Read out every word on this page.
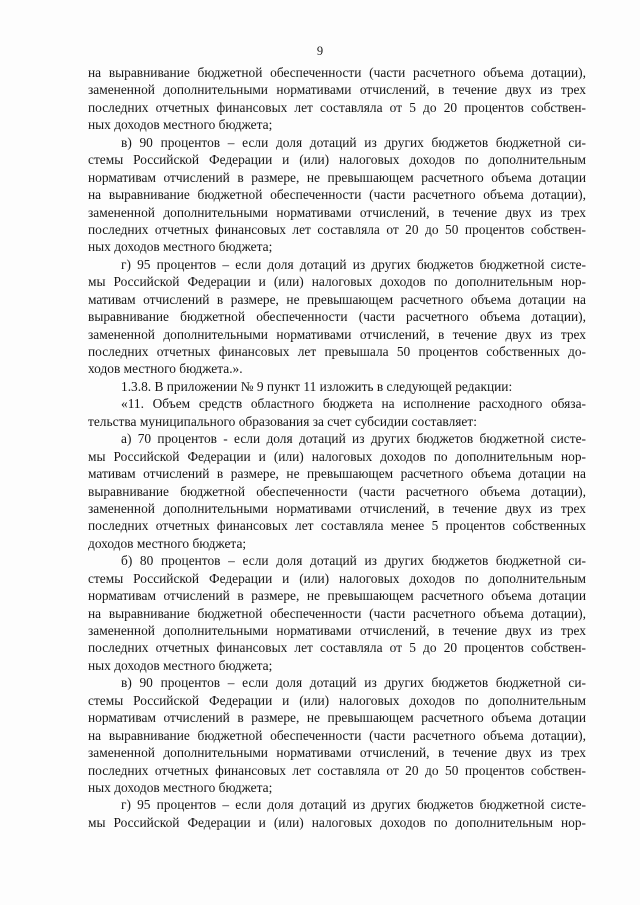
9
на выравнивание бюджетной обеспеченности (части расчетного объема дотации),
замененной дополнительными нормативами отчислений, в течение двух из трех
последних отчетных финансовых лет составляла от 5 до 20 процентов собствен-
ных доходов местного бюджета;
в) 90 процентов – если доля дотаций из других бюджетов бюджетной си-
стемы Российской Федерации и (или) налоговых доходов по дополнительным
нормативам отчислений в размере, не превышающем расчетного объема дотации
на выравнивание бюджетной обеспеченности (части расчетного объема дотации),
замененной дополнительными нормативами отчислений, в течение двух из трех
последних отчетных финансовых лет составляла от 20 до 50 процентов собствен-
ных доходов местного бюджета;
г) 95 процентов – если доля дотаций из других бюджетов бюджетной систе-
мы Российской Федерации и (или) налоговых доходов по дополнительным нор-
мативам отчислений в размере, не превышающем расчетного объема дотации на
выравнивание бюджетной обеспеченности (части расчетного объема дотации),
замененной дополнительными нормативами отчислений, в течение двух из трех
последних отчетных финансовых лет превышала 50 процентов собственных до-
ходов местного бюджета.».
1.3.8. В приложении № 9 пункт 11 изложить в следующей редакции:
«11. Объем средств областного бюджета на исполнение расходного обяза-
тельства муниципального образования за счет субсидии составляет:
а) 70 процентов - если доля дотаций из других бюджетов бюджетной систе-
мы Российской Федерации и (или) налоговых доходов по дополнительным нор-
мативам отчислений в размере, не превышающем расчетного объема дотации на
выравнивание бюджетной обеспеченности (части расчетного объема дотации),
замененной дополнительными нормативами отчислений, в течение двух из трех
последних отчетных финансовых лет составляла менее 5 процентов собственных
доходов местного бюджета;
б) 80 процентов – если доля дотаций из других бюджетов бюджетной си-
стемы Российской Федерации и (или) налоговых доходов по дополнительным
нормативам отчислений в размере, не превышающем расчетного объема дотации
на выравнивание бюджетной обеспеченности (части расчетного объема дотации),
замененной дополнительными нормативами отчислений, в течение двух из трех
последних отчетных финансовых лет составляла от 5 до 20 процентов собствен-
ных доходов местного бюджета;
в) 90 процентов – если доля дотаций из других бюджетов бюджетной си-
стемы Российской Федерации и (или) налоговых доходов по дополнительным
нормативам отчислений в размере, не превышающем расчетного объема дотации
на выравнивание бюджетной обеспеченности (части расчетного объема дотации),
замененной дополнительными нормативами отчислений, в течение двух из трех
последних отчетных финансовых лет составляла от 20 до 50 процентов собствен-
ных доходов местного бюджета;
г) 95 процентов – если доля дотаций из других бюджетов бюджетной систе-
мы Российской Федерации и (или) налоговых доходов по дополнительным нор-
